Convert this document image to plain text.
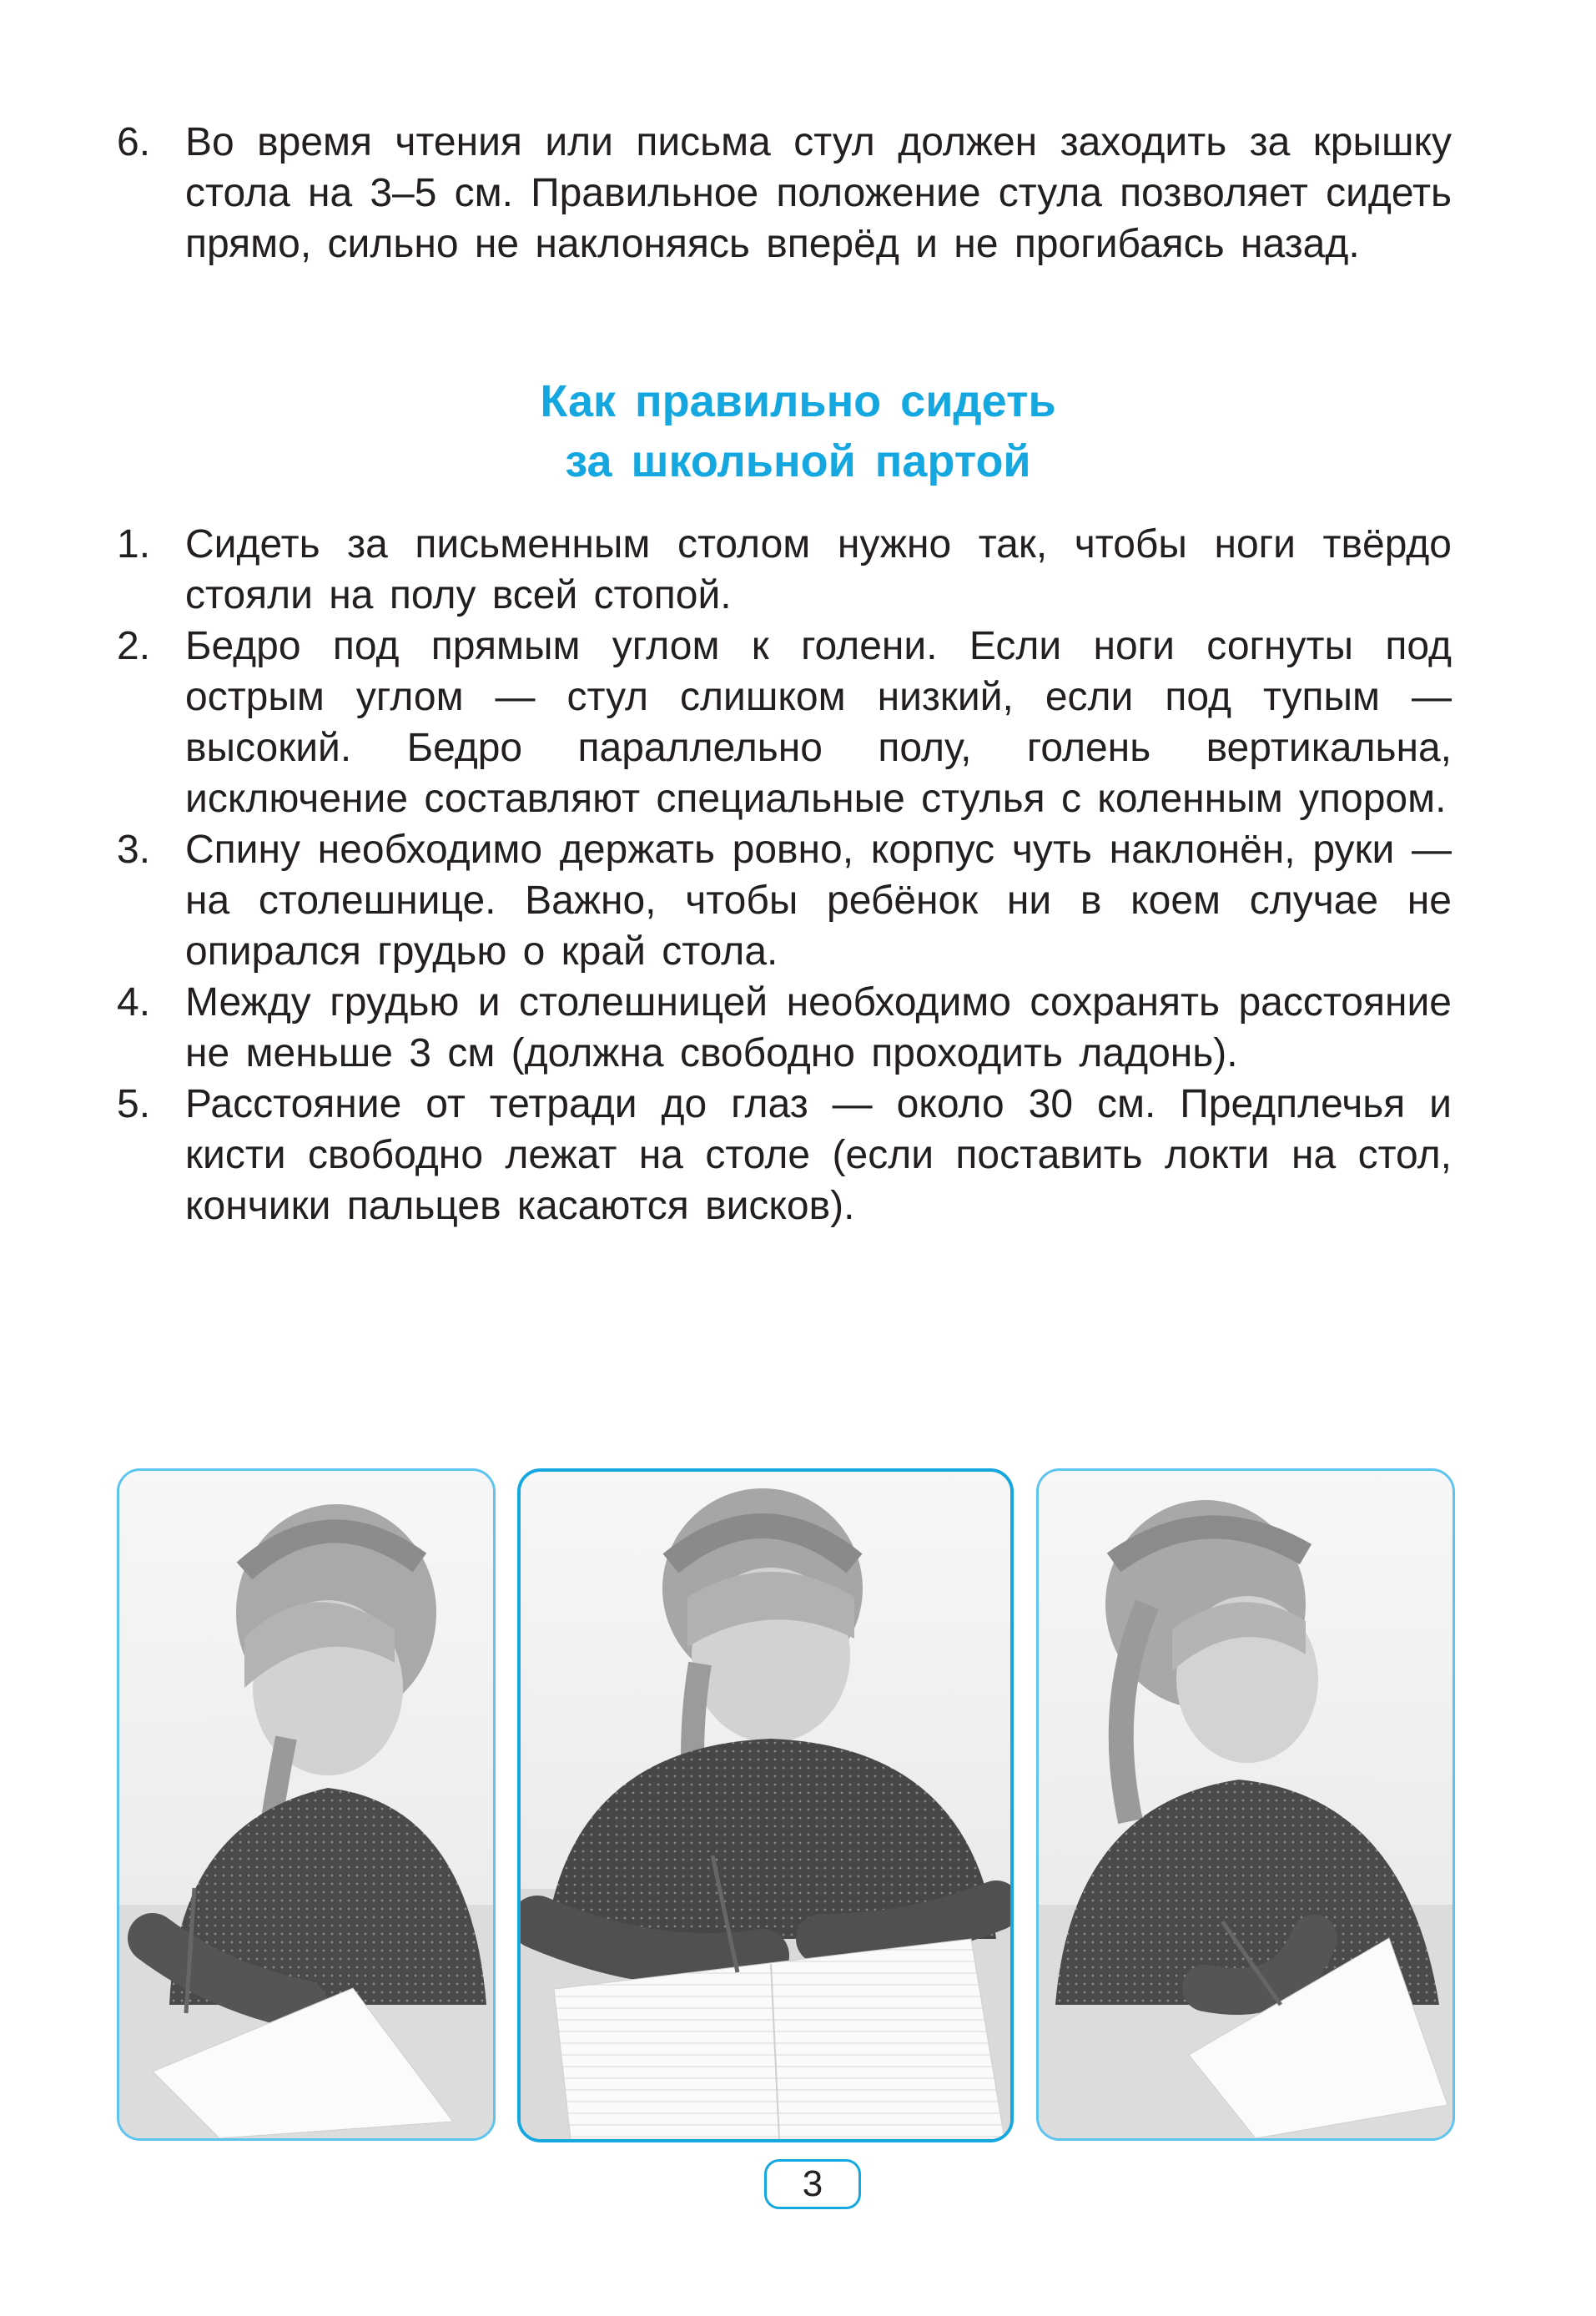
6. Во время чтения или письма стул должен заходить за крышку стола на 3–5 см. Правильное положение стула позволяет сидеть прямо, сильно не наклоняясь вперёд и не прогибаясь назад.
Как правильно сидеть
за школьной партой
1. Сидеть за письменным столом нужно так, чтобы ноги твёрдо стояли на полу всей стопой.
2. Бедро под прямым углом к голени. Если ноги согнуты под острым углом — стул слишком низкий, если под тупым — высокий. Бедро параллельно полу, голень вертикальна, исключение составляют специальные стулья с коленным упором.
3. Спину необходимо держать ровно, корпус чуть наклонён, руки — на столешнице. Важно, чтобы ребёнок ни в коем случае не опирался грудью о край стола.
4. Между грудью и столешницей необходимо сохранять расстояние не меньше 3 см (должна свободно проходить ладонь).
5. Расстояние от тетради до глаз — около 30 см. Предплечья и кисти свободно лежат на столе (если поставить локти на стол, кончики пальцев касаются висков).
3
